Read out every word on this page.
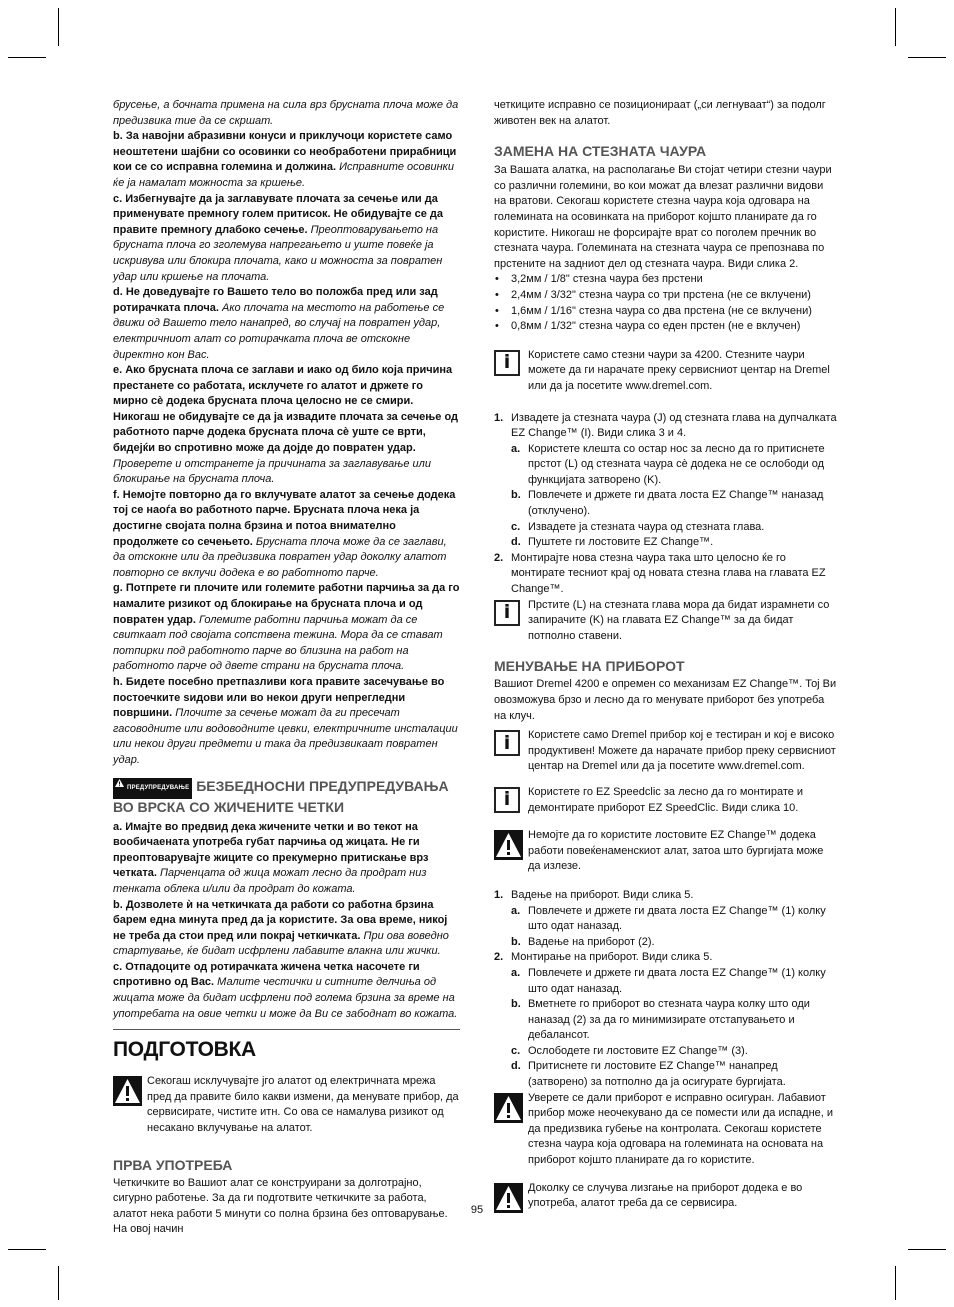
брусење, а бочната примена на сила врз брусната плоча може да предизвика тие да се скршат.

b. За навојни абразивни конуси и приклучоци користете само неоштетени шајбни со осовинки со необработени прирабници кои се со исправна големина и должина. Исправните осовинки ќе ја намалат можноста за кршење.

c. Избегнувајте да ја заглавувате плочата за сечење или да применувате премногу голем притисок. Не обидувајте се да правите премногу длабоко сечење. Преоптоварувањето на брусната плоча го зголемува напрегањето и уште повеќе ја искривува или блокира плочата, како и можноста за повратен удар или кршење на плочата.

d. Не доведувајте го Вашето тело во положба пред или зад ротирачката плоча. Ако плочата на местото на работење се движи од Вашето тело нанапред, во случај на повратен удар, електричниот алат со ротирачката плоча ве отскокне директно кон Вас.

e. Ако брусната плоча се заглави и иако од било која причина престанете со работата, исклучете го алатот и држете го мирно сè додека брусната плоча целосно не се смири. Никогаш не обидувајте се да ја извадите плочата за сечење од работното парче додека брусната плоча сè уште се врти, бидејќи во спротивно може да дојде до повратен удар. Проверете и отстранете ја причината за заглавување или блокирање на брусната плоча.

f. Немојте повторно да го вклучувате алатот за сечење додека тој се наоѓа во работното парче. Брусната плоча нека ја достигне својата полна брзина и потоа внимателно продолжете со сечењето. Брусната плоча може да се заглави, да отскокне или да предизвика повратен удар доколку алатот повторно се вклучи додека е во работното парче.

g. Потпрете ги плочите или големите работни парчиња за да го намалите ризикот од блокирање на брусната плоча и од повратен удар. Големите работни парчиња можат да се свиткаат под својата сопствена тежина. Мора да се стават потпирки под работното парче во близина на работ на работното парче од двете страни на брусната плоча.

h. Бидете посебно претпазливи кога правите засечување во постоечките ѕидови или во некои други непрегледни површини. Плочите за сечење можат да ги пресечат гасоводните или водоводните цевки, електричните инсталации или некои други предмети и така да предизвикаат повратен удар.

ПРЕДУПРЕДУВАЊЕ БЕЗБЕДНОСНИ ПРЕДУПРЕДУВАЊА ВО ВРСКА СО ЖИЧЕНИТЕ ЧЕТКИ

a. Имајте во предвид дека жичените четки и во текот на вообичаената употреба губат парчиња од жицата. Не ги преоптоварувајте жиците со прекумерно притискање врз четката. Парченцата од жица можат лесно да продрат низ тенката облека и/или да продрат до кожата.

b. Дозволете ѝ на четкичката да работи со работна брзина барем една минута пред да ја користите. За ова време, никој не треба да стои пред или покрај четкичката. При ова воведно стартување, ќе бидат исфрлени лабавите влакна или жички.

c. Отпадоците од ротирачката жичена четка насочете ги спротивно од Вас. Малите честички и ситните делчиња од жицата може да бидат исфрлени под голема брзина за време на употребата на овие четки и може да Ви се забоднат во кожата.

ПОДГОТОВКА

Секогаш исклучувајте јго алатот од електричната мрежа пред да правите било какви измени, да менувате прибор, да сервисирате, чистите итн. Со ова се намалува ризикот од несакано вклучување на алатот.

ПРВА УПОТРЕБА

Четкичките во Вашиот алат се конструирани за долготрајно, сигурно работење. За да ги подготвите четкичките за работа, алатот нека работи 5 минути со полна брзина без оптоварување. На овој начин

четкиците исправно се позиционираат („си легнуваат“) за подолг животен век на алатот.

ЗАМЕНА НА СТЕЗНАТА ЧАУРА

За Вашата алатка, на располагање Ви стојат четири стезни чаури со различни големини, во кои можат да влезат различни видови на вратови. Секогаш користете стезна чаура која одговара на големината на осовинката на приборот којшто планирате да го користите. Никогаш не форсирајте врат со поголем пречник во стезната чаура. Големината на стезната чаура се препознава по прстените на задниот дел од стезната чаура. Види слика 2.

• 3,2мм / 1/8" стезна чаура без прстени
• 2,4мм / 3/32" стезна чаура со три прстена (не се вклучени)
• 1,6мм / 1/16" стезна чаура со два прстена (не се вклучени)
• 0,8мм / 1/32" стезна чаура со еден прстен (не е вклучен)
i Користете само стезни чаури за 4200. Стезните чаури можете да ги нарачате преку сервисниот центар на Dremel или да ја посетите www.dremel.com.

1. Извадете ја стезната чаура (J) од стезната глава на дупчалката EZ Change™ (I). Види слика 3 и 4.
a. Користете клешта со остар нос за лесно да го притиснете прстот (L) од стезната чаура сè додека не се ослободи од функцијата затворено (K).
b. Повлечете и држете ги двата лоста EZ Change™ наназад (отклучено).
c. Извадете ја стезната чаура од стезната глава.
d. Пуштете ги лостовите EZ Change™.
2. Монтирајте нова стезна чаура така што целосно ќе го монтирате тесниот крај од новата стезна глава на главата EZ Change™.
i Прстите (L) на стезната глава мора да бидат израмнети со запирачите (K) на главата EZ Change™ за да бидат потполно ставени.

МЕНУВАЊЕ НА ПРИБОРОТ

Вашиот Dremel 4200 е опремен со механизам EZ Change™. Тој Ви овозможува брзо и лесно да го менувате приборот без употреба на клуч.

i Користете само Dremel прибор кој е тестиран и кој е високо продуктивен! Можете да нарачате прибор преку сервисниот центар на Dremel или да ја посетите www.dremel.com.

i Користете го EZ Speedclic за лесно да го монтирате и демонтирате приборот EZ SpeedClic. Види слика 10.

Немојте да го користите лостовите EZ Change™ додека работи повеќенаменскиот алат, затоа што бургијата може да излезе.

1. Вадење на приборот. Види слика 5.
a. Повлечете и држете ги двата лоста EZ Change™ (1) колку што одат наназад.
b. Вадење на приборот (2).
2. Монтирање на приборот. Види слика 5.
a. Повлечете и држете ги двата лоста EZ Change™ (1) колку што одат наназад.
b. Вметнете го приборот во стезната чаура колку што оди наназад (2) за да го минимизирате отстапувањето и дебалансот.
c. Ослободете ги лостовите EZ Change™ (3).
d. Притиснете ги лостовите EZ Change™ нанапред (затворено) за потполно да ја осигурате бургијата.

Уверете се дали приборот е исправно осигуран. Лабавиот прибор може неочекувано да се помести или да испадне, и да предизвика губење на контролата. Секогаш користете стезна чаура која одговара на големината на основата на приборот којшто планирате да го користите.

Доколку се случува лизгање на приборот додека е во употреба, алатот треба да се сервисира.

95
